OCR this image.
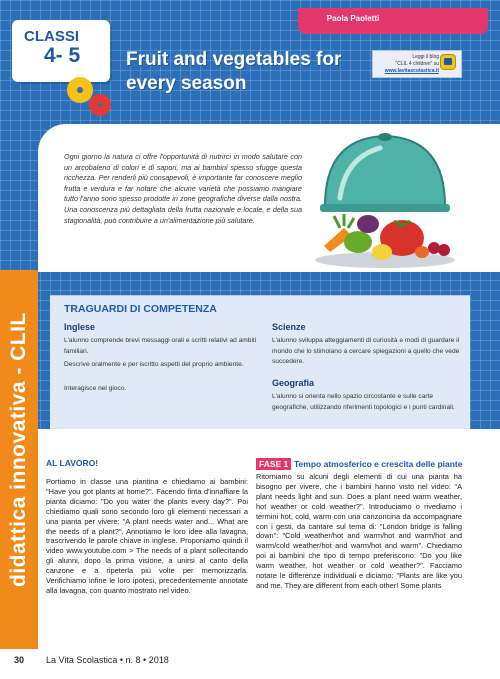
didattica innovativa - CLIL
CLASSI
4- 5
Paola Paoletti
Leggi il blog
"CLIL 4 children" su
www.lavitascolastica.it
Fruit and vegetables for every season
Ogni giorno la natura ci offre l'opportunità di nutrirci in modo salutare con un arcobaleno di colori e di sapori, ma ai bambini spesso sfugge questa ricchezza. Per renderli più consapevoli, è importante far conoscere meglio frutta e verdura e far notare che alcune varietà che possiamo mangiare tutto l'anno sono spesso prodotte in zone geografiche diverse dalla nostra. Una conoscenza più dettagliata della frutta nazionale e locale, e della sua stagionalità, può contribuire a un'alimentazione più salutare.
TRAGUARDI DI COMPETENZA
Inglese
L'alunno comprende brevi messaggi orali e scritti relativi ad ambiti familiari.
Descrive oralmente e per iscritto aspetti del proprio ambiente.
Interagisce nel gioco.
Scienze
L'alunno sviluppa atteggiamenti di curiosità e modi di guardare il mondo che lo stimolano a cercare spiegazioni a quello che vede succedere.
Geografia
L'alunno si orienta nello spazio circostante e sulle carte geografiche, utilizzando riferimenti topologici e i punti cardinali.
AL LAVORO!
Portiamo in classe una piantina e chiediamo ai bambini: "Have you got plants at home?". Facendo finta d'innaffiare la pianta diciamo: "Do you water the plants every day?". Poi chiediamo quali sono secondo loro gli elementi necessari a una pianta per vivere: "A plant needs water and... What are the needs of a plant?". Annotiamo le loro idee alla lavagna, trascrivendo le parole chiave in inglese. Proponiamo quindi il video www.youtube.com > The needs of a plant sollecitando gli alunni, dopo la prima visione, a unirsi al canto della canzone e a ripeterla più volte per memorizzarla. Verifichiamo infine le loro ipotesi, precedentemente annotate alla lavagna, con quanto mostrato nel video.
FASE 1 Tempo atmosferico e crescita delle piante
Ritorniamo su alcuni degli elementi di cui una pianta ha bisogno per vivere, che i bambini hanno visto nel video: "A plant needs light and sun. Does a plant need warm weather, hot weather or cold weather?". Introduciamo o rivediamo i termini hot, cold, warm con una canzoncina da accompagnare con i gesti, da cantare sul tema di: "London bridge is falling down": "Cold weather/hot and warm/hot and warm/hot and warm/cold weather/hot and warm/hot and warm". Chiediamo poi ai bambini che tipo di tempo preferiscono: "Do you like warm weather, hot weather or cold weather?". Facciamo notare le differenze individuali e diciamo: "Plants are like you and me. They are different from each other! Some plants
30 La Vita Scolastica • n. 8 • 2018
